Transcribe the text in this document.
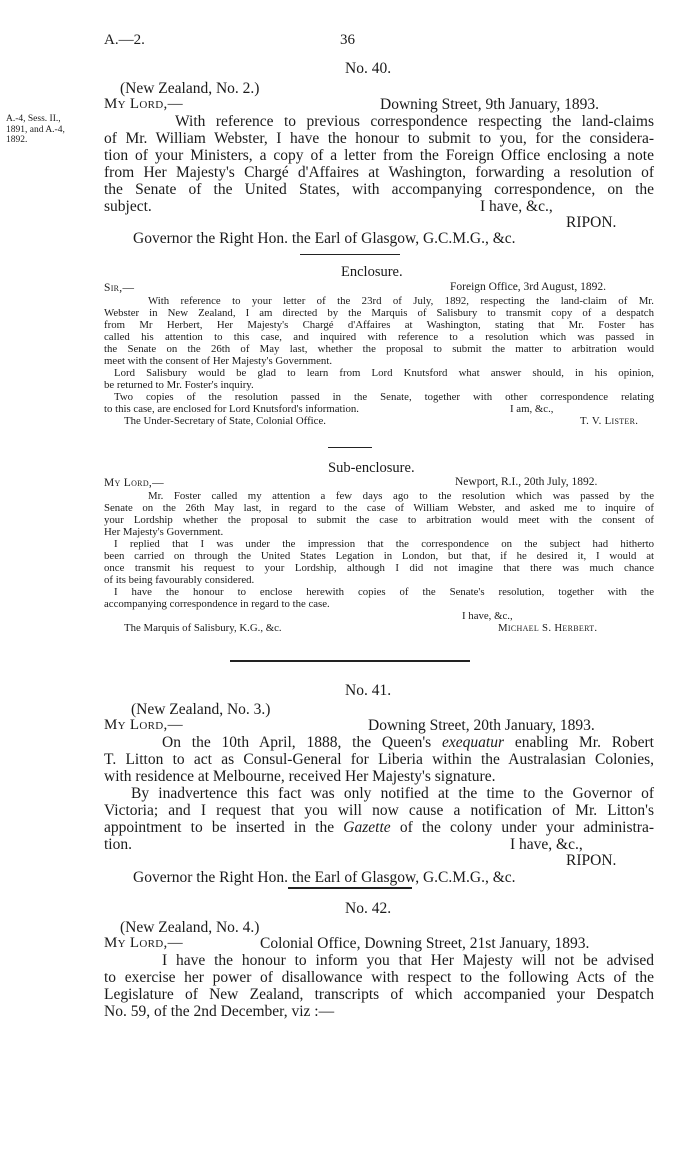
A.—2.	36
A.-4, Sess. II.,
1891, and A.-4,
1892.
No. 40.
(New Zealand, No. 2.)
My Lord,—	Downing Street, 9th January, 1893.
With reference to previous correspondence respecting the land-claims
of Mr. William Webster, I have the honour to submit to you, for the considera-
tion of your Ministers, a copy of a letter from the Foreign Office enclosing a note
from Her Majesty's Chargé d'Affaires at Washington, forwarding a resolution of
the Senate of the United States, with accompanying correspondence, on the
subject.	I have, &c.,
RIPON.
Governor the Right Hon. the Earl of Glasgow, G.C.M.G., &c.
Enclosure.
Sir,—	Foreign Office, 3rd August, 1892.
With reference to your letter of the 23rd of July, 1892, respecting the land-claim of Mr.
Webster in New Zealand, I am directed by the Marquis of Salisbury to transmit copy of a despatch
from Mr Herbert, Her Majesty's Chargé d'Affaires at Washington, stating that Mr. Foster has
called his attention to this case, and inquired with reference to a resolution which was passed in
the Senate on the 26th of May last, whether the proposal to submit the matter to arbitration would
meet with the consent of Her Majesty's Government.
Lord Salisbury would be glad to learn from Lord Knutsford what answer should, in his opinion,
be returned to Mr. Foster's inquiry.
Two copies of the resolution passed in the Senate, together with other correspondence relating
to this case, are enclosed for Lord Knutsford's information.	I am, &c.,
The Under-Secretary of State, Colonial Office.	T. V. Lister.
Sub-enclosure.
My Lord,—	Newport, R.I., 20th July, 1892.
Mr. Foster called my attention a few days ago to the resolution which was passed by the
Senate on the 26th May last, in regard to the case of William Webster, and asked me to inquire of
your Lordship whether the proposal to submit the case to arbitration would meet with the consent of
Her Majesty's Government.
I replied that I was under the impression that the correspondence on the subject had hitherto
been carried on through the United States Legation in London, but that, if he desired it, I would at
once transmit his request to your Lordship, although I did not imagine that there was much chance
of its being favourably considered.
I have the honour to enclose herewith copies of the Senate's resolution, together with the
accompanying correspondence in regard to the case.
I have, &c.,
The Marquis of Salisbury, K.G., &c.	Michael S. Herbert.
No. 41.
(New Zealand, No. 3.)
My Lord,—	Downing Street, 20th January, 1893.
On the 10th April, 1888, the Queen's exequatur enabling Mr. Robert
T. Litton to act as Consul-General for Liberia within the Australasian Colonies,
with residence at Melbourne, received Her Majesty's signature.
By inadvertence this fact was only notified at the time to the Governor of
Victoria; and I request that you will now cause a notification of Mr. Litton's
appointment to be inserted in the Gazette of the colony under your administra-
tion.	I have, &c.,
RIPON.
Governor the Right Hon. the Earl of Glasgow, G.C.M.G., &c.
No. 42.
(New Zealand, No. 4.)
My Lord,—	Colonial Office, Downing Street, 21st January, 1893.
I have the honour to inform you that Her Majesty will not be advised
to exercise her power of disallowance with respect to the following Acts of the
Legislature of New Zealand, transcripts of which accompanied your Despatch
No. 59, of the 2nd December, viz :—
